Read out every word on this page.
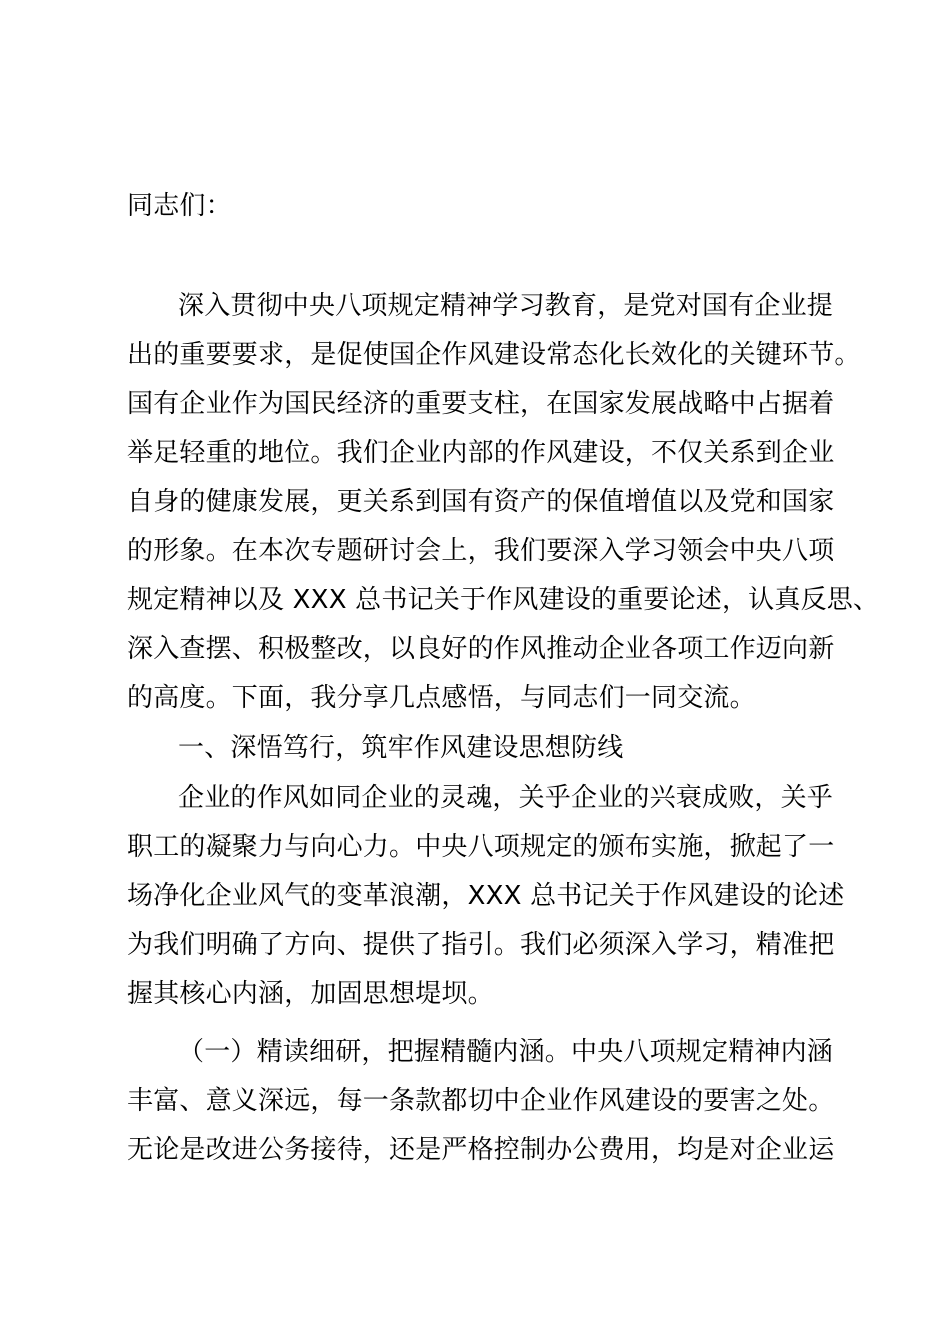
同志们：
深入贯彻中央八项规定精神学习教育，是党对国有企业提
出的重要要求，是促使国企作风建设常态化长效化的关键环节。
国有企业作为国民经济的重要支柱，在国家发展战略中占据着
举足轻重的地位。我们企业内部的作风建设，不仅关系到企业
自身的健康发展，更关系到国有资产的保值增值以及党和国家
的形象。在本次专题研讨会上，我们要深入学习领会中央八项
规定精神以及 XXX 总书记关于作风建设的重要论述，认真反思、
深入查摆、积极整改，以良好的作风推动企业各项工作迈向新
的高度。下面，我分享几点感悟，与同志们一同交流。
一、深悟笃行，筑牢作风建设思想防线
企业的作风如同企业的灵魂，关乎企业的兴衰成败，关乎
职工的凝聚力与向心力。中央八项规定的颁布实施，掀起了一
场净化企业风气的变革浪潮，XXX 总书记关于作风建设的论述
为我们明确了方向、提供了指引。我们必须深入学习，精准把
握其核心内涵，加固思想堤坝。
（一）精读细研，把握精髓内涵。中央八项规定精神内涵
丰富、意义深远，每一条款都切中企业作风建设的要害之处。
无论是改进公务接待，还是严格控制办公费用，均是对企业运
